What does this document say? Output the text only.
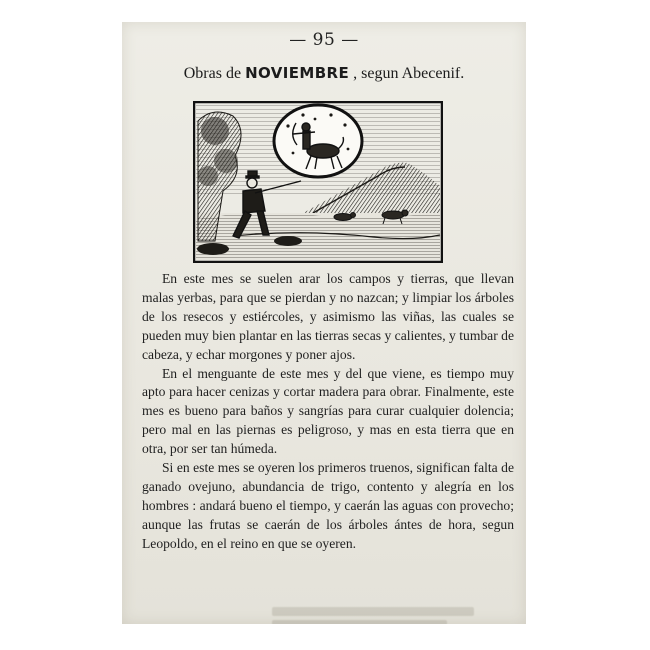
— 95 —
Obras de NOVIEMBRE , segun Abecenif.

En este mes se suelen arar los campos y tierras, que llevan malas yerbas, para que se pierdan y no nazcan; y limpiar los árboles de los resecos y estiércoles, y asimismo las viñas, las cuales se pueden muy bien plantar en las tierras secas y calientes, y tumbar de cabeza, y echar morgones y poner ajos.

En el menguante de este mes y del que viene, es tiempo muy apto para hacer cenizas y cortar madera para obrar. Finalmente, este mes es bueno para baños y sangrías para curar cualquier dolencia; pero mal en las piernas es peligroso, y mas en esta tierra que en otra, por ser tan húmeda.

Si en este mes se oyeren los primeros truenos, significan falta de ganado ovejuno, abundancia de trigo, contento y alegría en los hombres : andará bueno el tiempo, y caerán las aguas con provecho; aunque las frutas se caerán de los árboles ántes de hora, segun Leopoldo, en el reino en que se oyeren.
